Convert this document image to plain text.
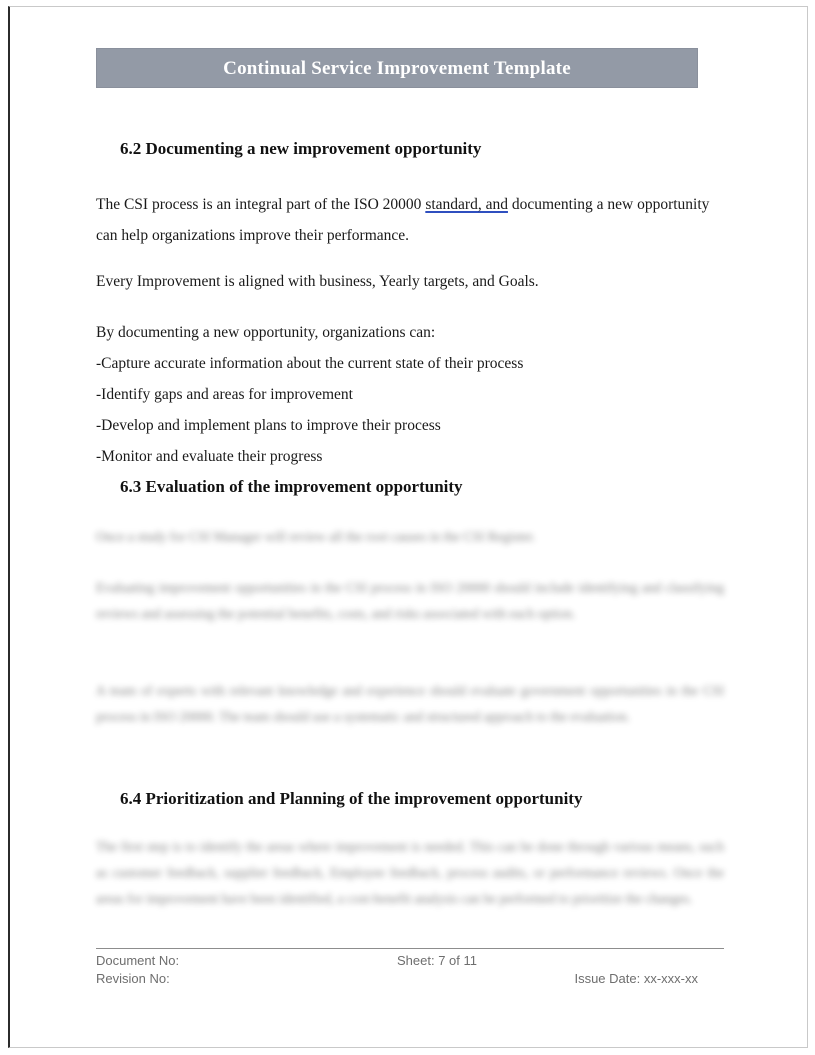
Continual Service Improvement Template
6.2 Documenting a new improvement opportunity
The CSI process is an integral part of the ISO 20000 standard, and documenting a new opportunity can help organizations improve their performance.
Every Improvement is aligned with business, Yearly targets, and Goals.
By documenting a new opportunity, organizations can:
-Capture accurate information about the current state of their process
-Identify gaps and areas for improvement
-Develop and implement plans to improve their process
-Monitor and evaluate their progress
6.3 Evaluation of the improvement opportunity
Once a study for CSI Manager will review all the root causes in the CSI Register.
Evaluating improvement opportunities in the CSI process in ISO 20000 should include identifying and classifying reviews and assessing the potential benefits, costs, and risks associated with each option.
A team of experts with relevant knowledge and experience should evaluate government opportunities in the CSI process in ISO 20000. The team should use a systematic and structured approach to the evaluation.
6.4 Prioritization and Planning of the improvement opportunity
The first step is to identify the areas where improvement is needed. This can be done through various means, such as customer feedback, supplier feedback, Employee feedback, process audits, or performance reviews. Once the areas for improvement have been identified, a cost-benefit analysis can be performed to prioritize the changes.
Document No:	Sheet: 7 of 11
Revision No:	Issue Date: xx-xxx-xx
